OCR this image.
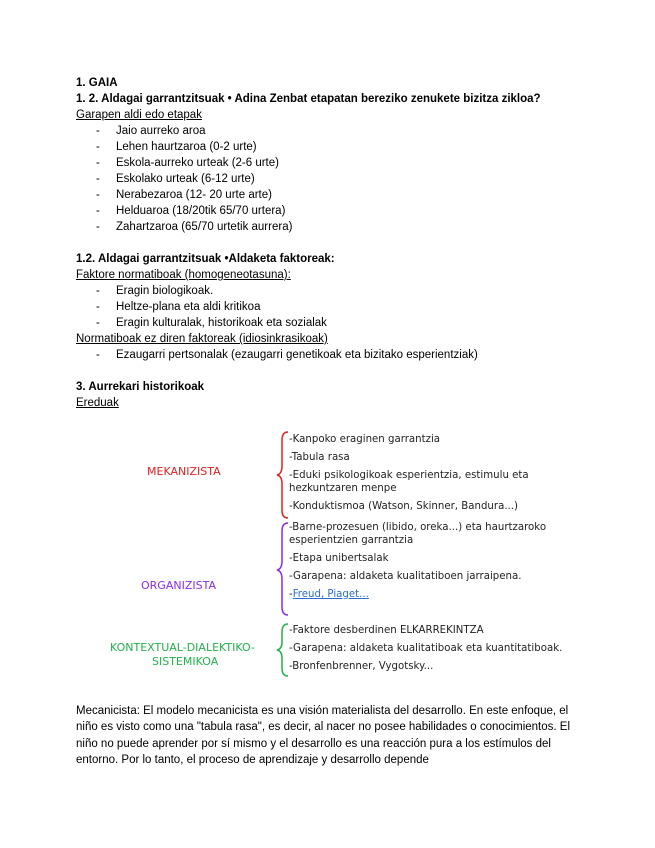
1. GAIA
1. 2. Aldagai garrantzitsuak • Adina Zenbat etapatan bereziko zenukete bizitza zikloa?
Garapen aldi edo etapak
- Jaio aurreko aroa
- Lehen haurtzaroa (0-2 urte)
- Eskola-aurreko urteak (2-6 urte)
- Eskolako urteak (6-12 urte)
- Nerabezaroa (12- 20 urte arte)
- Helduaroa (18/20tik 65/70 urtera)
- Zahartzaroa (65/70 urtetik aurrera)
1.2. Aldagai garrantzitsuak •Aldaketa faktoreak:
Faktore normatiboak (homogeneotasuna):
- Eragin biologikoak.
- Heltze-plana eta aldi kritikoa
- Eragin kulturalak, historikoak eta sozialak
Normatiboak ez diren faktoreak (idiosinkrasikoak)
- Ezaugarri pertsonalak (ezaugarri genetikoak eta bizitako esperientziak)
3. Aurrekari historikoak
Ereduak
MEKANIZISTA
-Kanpoko eraginen garrantzia
-Tabula rasa
-Eduki psikologikoak esperientzia, estimulu eta
hezkuntzaren menpe
-Konduktismoa (Watson, Skinner, Bandura...)
ORGANIZISTA
-Barne-prozesuen (libido, oreka...) eta haurtzaroko
esperientzien garrantzia
-Etapa unibertsalak
-Garapena: aldaketa kualitatiboen jarraipena.
-Freud, Piaget...
KONTEXTUAL-DIALEKTIKO-
SISTEMIKOA
-Faktore desberdinen ELKARREKINTZA
-Garapena: aldaketa kualitatiboak eta kuantitatiboak.
-Bronfenbrenner, Vygotsky...
Mecanicista: El modelo mecanicista es una visión materialista del desarrollo. En este enfoque, el niño es visto como una "tabula rasa", es decir, al nacer no posee habilidades o conocimientos. El niño no puede aprender por sí mismo y el desarrollo es una reacción pura a los estímulos del entorno. Por lo tanto, el proceso de aprendizaje y desarrollo depende
